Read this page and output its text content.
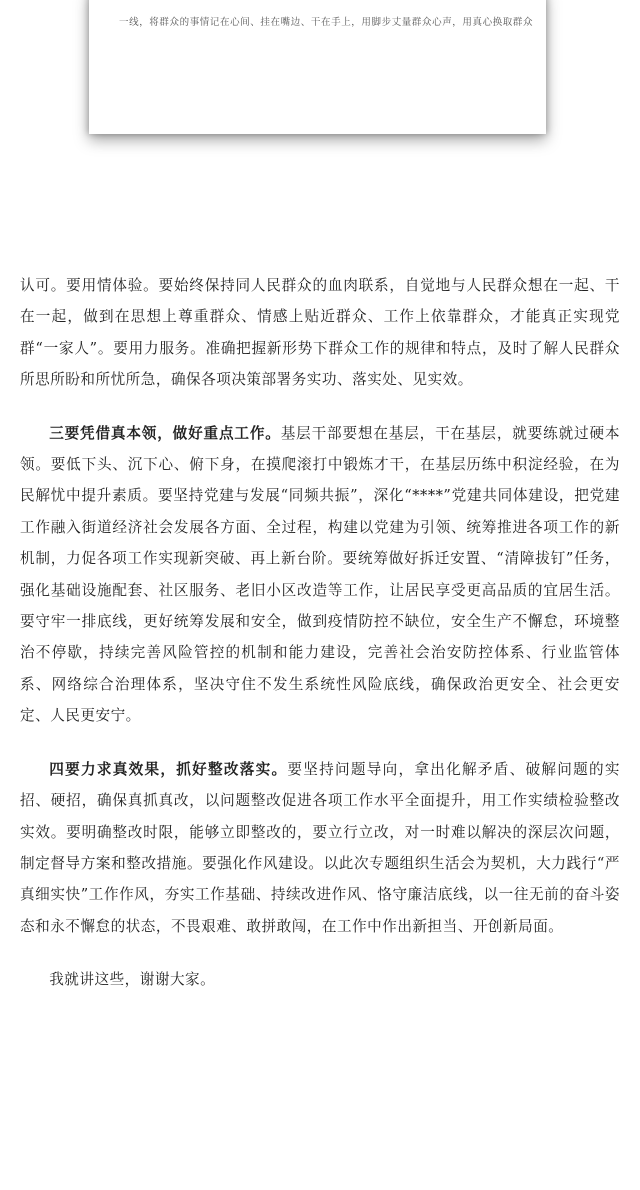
一线，将群众的事情记在心间、挂在嘴边、干在手上，用脚步丈量群众心声，用真心换取群众

认可。要用情体验。要始终保持同人民群众的血肉联系，自觉地与人民群众想在一起、干在一起，做到在思想上尊重群众、情感上贴近群众、工作上依靠群众，才能真正实现党群“一家人”。要用力服务。准确把握新形势下群众工作的规律和特点，及时了解人民群众所思所盼和所忧所急，确保各项决策部署务实功、落实处、见实效。

三要凭借真本领，做好重点工作。基层干部要想在基层，干在基层，就要练就过硬本领。要低下头、沉下心、俯下身，在摸爬滚打中锻炼才干，在基层历练中积淀经验，在为民解忧中提升素质。要坚持党建与发展“同频共振”，深化“****”党建共同体建设，把党建工作融入街道经济社会发展各方面、全过程，构建以党建为引领、统筹推进各项工作的新机制，力促各项工作实现新突破、再上新台阶。要统筹做好拆迁安置、“清障拔钉”任务，强化基础设施配套、社区服务、老旧小区改造等工作，让居民享受更高品质的宜居生活。要守牢一排底线，更好统筹发展和安全，做到疫情防控不缺位，安全生产不懈怠，环境整治不停歇，持续完善风险管控的机制和能力建设，完善社会治安防控体系、行业监管体系、网络综合治理体系，坚决守住不发生系统性风险底线，确保政治更安全、社会更安定、人民更安宁。

四要力求真效果，抓好整改落实。要坚持问题导向，拿出化解矛盾、破解问题的实招、硬招，确保真抓真改，以问题整改促进各项工作水平全面提升，用工作实绩检验整改实效。要明确整改时限，能够立即整改的，要立行立改，对一时难以解决的深层次问题，制定督导方案和整改措施。要强化作风建设。以此次专题组织生活会为契机，大力践行“严真细实快”工作作风，夯实工作基础、持续改进作风、恪守廉洁底线，以一往无前的奋斗姿态和永不懈怠的状态，不畏艰难、敢拼敢闯，在工作中作出新担当、开创新局面。

我就讲这些，谢谢大家。
